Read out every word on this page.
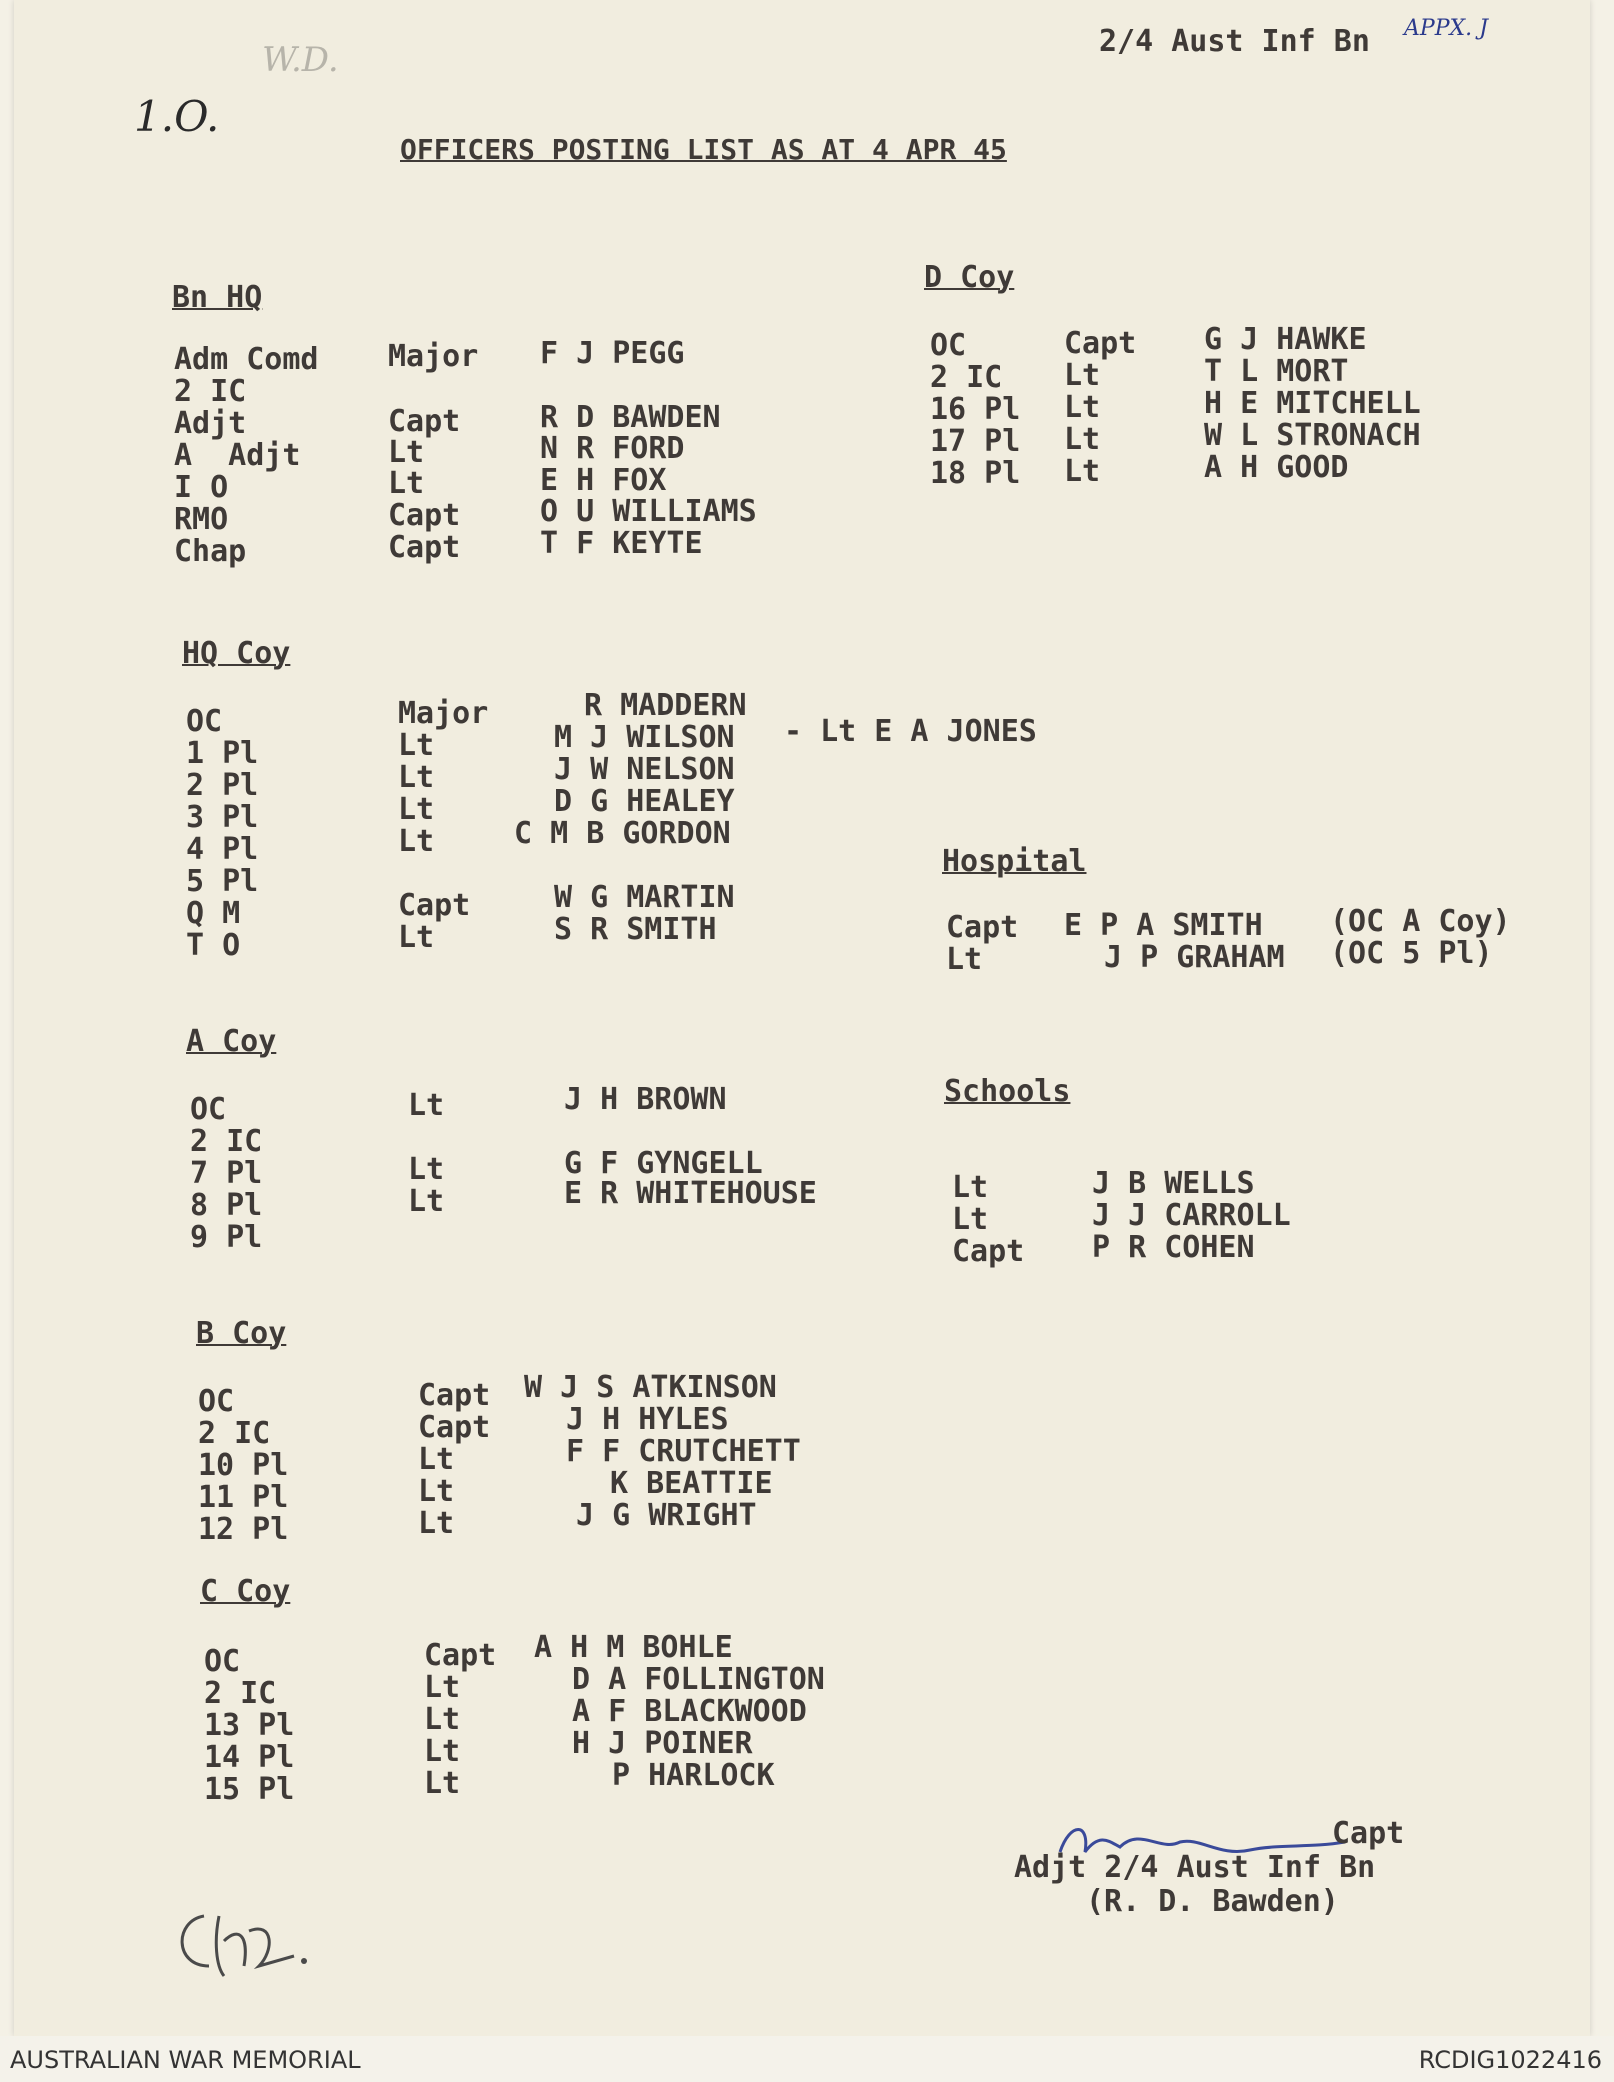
2/4 Aust Inf Bn APPX. J
1.O.
W.D.
OFFICERS POSTING LIST AS AT 4 APR 45
Bn HQ
Adm Comd Major F J PEGG
2 IC
Adjt	Capt	R D BAWDEN
A  Adjt	Lt	N R FORD
I O	Lt	E H FOX
RMO	Capt	O U WILLIAMS
Chap	Capt	T F KEYTE
D Coy
OC	Capt G J HAWKE
2 IC Lt	T L MORT
16 Pl Lt	H E MITCHELL
17 Pl Lt	W L STRONACH
18 Pl Lt	A H GOOD
HQ Coy
OC	Major	R MADDERN
1 Pl	Lt	M J WILSON - Lt E A JONES
2 Pl	Lt	J W NELSON
3 Pl	Lt	D G HEALEY
4 Pl	Lt	C M B GORDON
5 Pl
Q M	Capt	W G MARTIN
T O	Lt	S R SMITH
Hospital
Capt E P A SMITH (OC A Coy)
Lt	J P GRAHAM (OC 5 Pl)
A Coy
OC	Lt	J H BROWN
2 IC
7 Pl	Lt	G F GYNGELL
8 Pl	Lt	E R WHITEHOUSE
9 Pl
Schools
Lt	J B WELLS
Lt	J J CARROLL
Capt P R COHEN
B Coy
OC	Capt W J S ATKINSON
2 IC	Capt	J H HYLES
10 Pl	Lt	F F CRUTCHETT
11 Pl	Lt	K BEATTIE
12 Pl	Lt	J G WRIGHT
C Coy
OC	Capt A H M BOHLE
2 IC	Lt	D A FOLLINGTON
13 Pl	Lt	A F BLACKWOOD
14 Pl	Lt	H J POINER
15 Pl	Lt	P HARLOCK
Capt
Adjt 2/4 Aust Inf Bn
(R. D. Bawden)
AUSTRALIAN WAR MEMORIAL	RCDIG1022416
